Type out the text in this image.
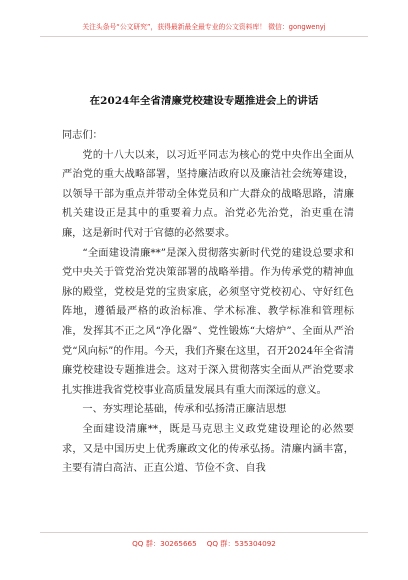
关注头条号“公文研究”，获得最新最全最专业的公文资料库！ 微信：gongwenyj
在2024年全省清廉党校建设专题推进会上的讲话

同志们：

党的十八大以来，以习近平同志为核心的党中央作出全面从严治党的重大战略部署，坚持廉洁政府以及廉洁社会统筹建设，以领导干部为重点并带动全体党员和广大群众的战略思路，清廉机关建设正是其中的重要着力点。治党必先治党，治吏重在清廉，这是新时代对于官德的必然要求。

“全面建设清廉**”是深入贯彻落实新时代党的建设总要求和党中央关于管党治党决策部署的战略举措。作为传承党的精神血脉的殿堂，党校是党的宝贵家底，必须坚守党校初心、守好红色阵地，遵循最严格的政治标准、学术标准、教学标准和管理标准，发挥其不正之风“净化器”、党性锻炼“大熔炉”、全面从严治党“风向标”的作用。今天，我们齐聚在这里，召开2024年全省清廉党校建设专题推进会。这对于深入贯彻落实全面从严治党要求扎实推进我省党校事业高质量发展具有重大而深远的意义。

一、夯实理论基础，传承和弘扬清正廉洁思想

全面建设清廉**，既是马克思主义政党建设理论的必然要求，又是中国历史上优秀廉政文化的传承弘扬。清廉内涵丰富，主要有清白高洁、正直公道、节俭不贪、自我

QQ 群：30265665 QQ 群：535304092
